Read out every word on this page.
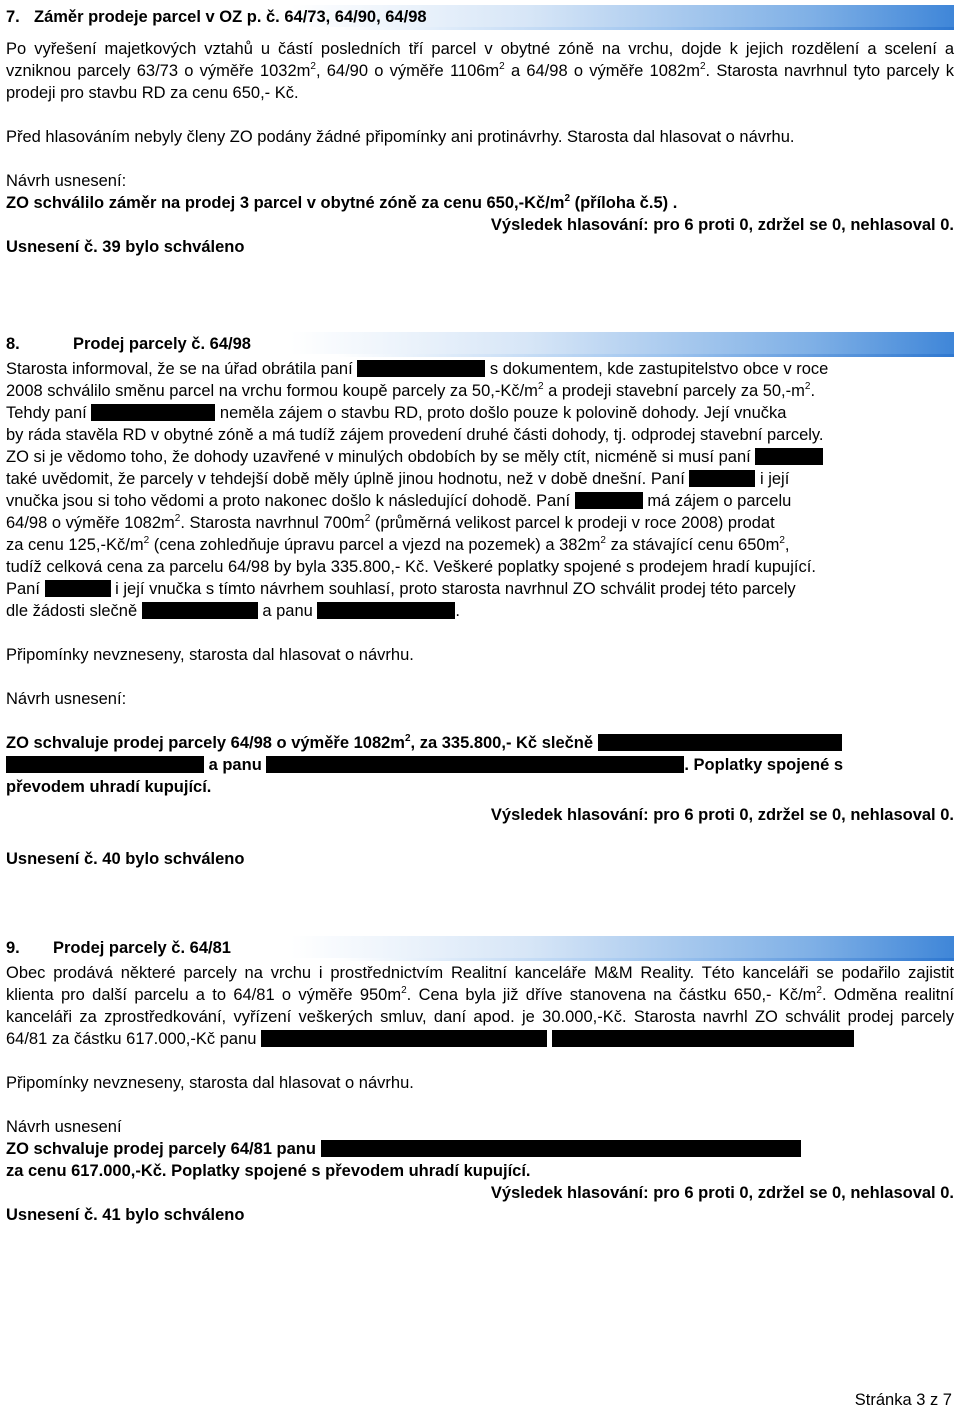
7. Záměr prodeje parcel v OZ p. č. 64/73, 64/90, 64/98

Po vyřešení majetkových vztahů u částí posledních tří parcel v obytné zóně na vrchu, dojde k jejich rozdělení a scelení a vzniknou parcely 63/73 o výměře $1032m^2$, 64/90 o výměře $1106m^2$ a 64/98 o výměře $1082m^2$. Starosta navrhnul tyto parcely k prodeji pro stavbu RD za cenu 650,- Kč.

Před hlasováním nebyly členy ZO podány žádné připomínky ani protinávrhy. Starosta dal hlasovat o návrhu.

Návrh usnesení:

ZO schválilo záměr na prodej 3 parcel v obytné zóně za cenu $650,-Kč/m^2$ (příloha č.5) .

Výsledek hlasování: pro 6 proti 0, zdržel se 0, nehlasoval 0.

Usnesení č. 39 bylo schváleno

8.	Prodej parcely č. 64/98

Starosta informoval, že se na úřad obrátila paní	s dokumentem, kde zastupitelstvo obce v roce

2008 schválilo směnu parcel na vrchu formou koupě parcely za $50,-Kč/m^2$ a prodeji stavební parcely za $50,-m^2$.

Tehdy paní	neměla zájem o stavbu RD, proto došlo pouze k polovině dohody. Její vnučka

by ráda stavěla RD v obytné zóně a má tudíž zájem provedení druhé části dohody, tj. odprodej stavební parcely.

ZO si je vědomo toho, že dohody uzavřené v minulých obdobích by se měly ctít, nicméně si musí paní

také uvědomit, že parcely v tehdejší době měly úplně jinou hodnotu, než v době dnešní. Paní	i její

vnučka jsou si toho vědomi a proto nakonec došlo k následující dohodě. Paní	má zájem o parcelu

64/98 o výměře $1082m^2$. Starosta navrhnul $700m^2$ (průměrná velikost parcel k prodeji v roce 2008) prodat

za cenu $125,-Kč/m^2$ (cena zohledňuje úpravu parcel a vjezd na pozemek) a $382m^2$ za stávající cenu $650m^2$,

tudíž celková cena za parcelu 64/98 by byla 335.800,- Kč. Veškeré poplatky spojené s prodejem hradí kupující.

Paní	i její vnučka s tímto návrhem souhlasí, proto starosta navrhnul ZO schválit prodej této parcely

dle žádosti slečně	a panu	.

Připomínky nevzneseny, starosta dal hlasovat o návrhu.

Návrh usnesení:

ZO schvaluje prodej parcely 64/98 o výměře $1082m^2$, za 335.800,- Kč slečně

a panu	. Poplatky spojené s

převodem uhradí kupující.

Výsledek hlasování: pro 6 proti 0, zdržel se 0, nehlasoval 0.

Usnesení č. 40 bylo schváleno

9. Prodej parcely č. 64/81

Obec prodává některé parcely na vrchu i prostřednictvím Realitní kanceláře M&M Reality. Této kanceláři se podařilo zajistit klienta pro další parcelu a to 64/81 o výměře $950m^2$. Cena byla již dříve stanovena na částku 650,- $Kč/m^2$. Odměna realitní kanceláři za zprostředkování, vyřízení veškerých smluv, daní apod. je 30.000,-Kč. Starosta navrhl ZO schválit prodej parcely 64/81 za částku 617.000,-Kč panu

Připomínky nevzneseny, starosta dal hlasovat o návrhu.

Návrh usnesení

ZO schvaluje prodej parcely 64/81 panu

za cenu 617.000,-Kč. Poplatky spojené s převodem uhradí kupující.

Výsledek hlasování: pro 6 proti 0, zdržel se 0, nehlasoval 0.

Usnesení č. 41 bylo schváleno

Stránka 3 z 7
